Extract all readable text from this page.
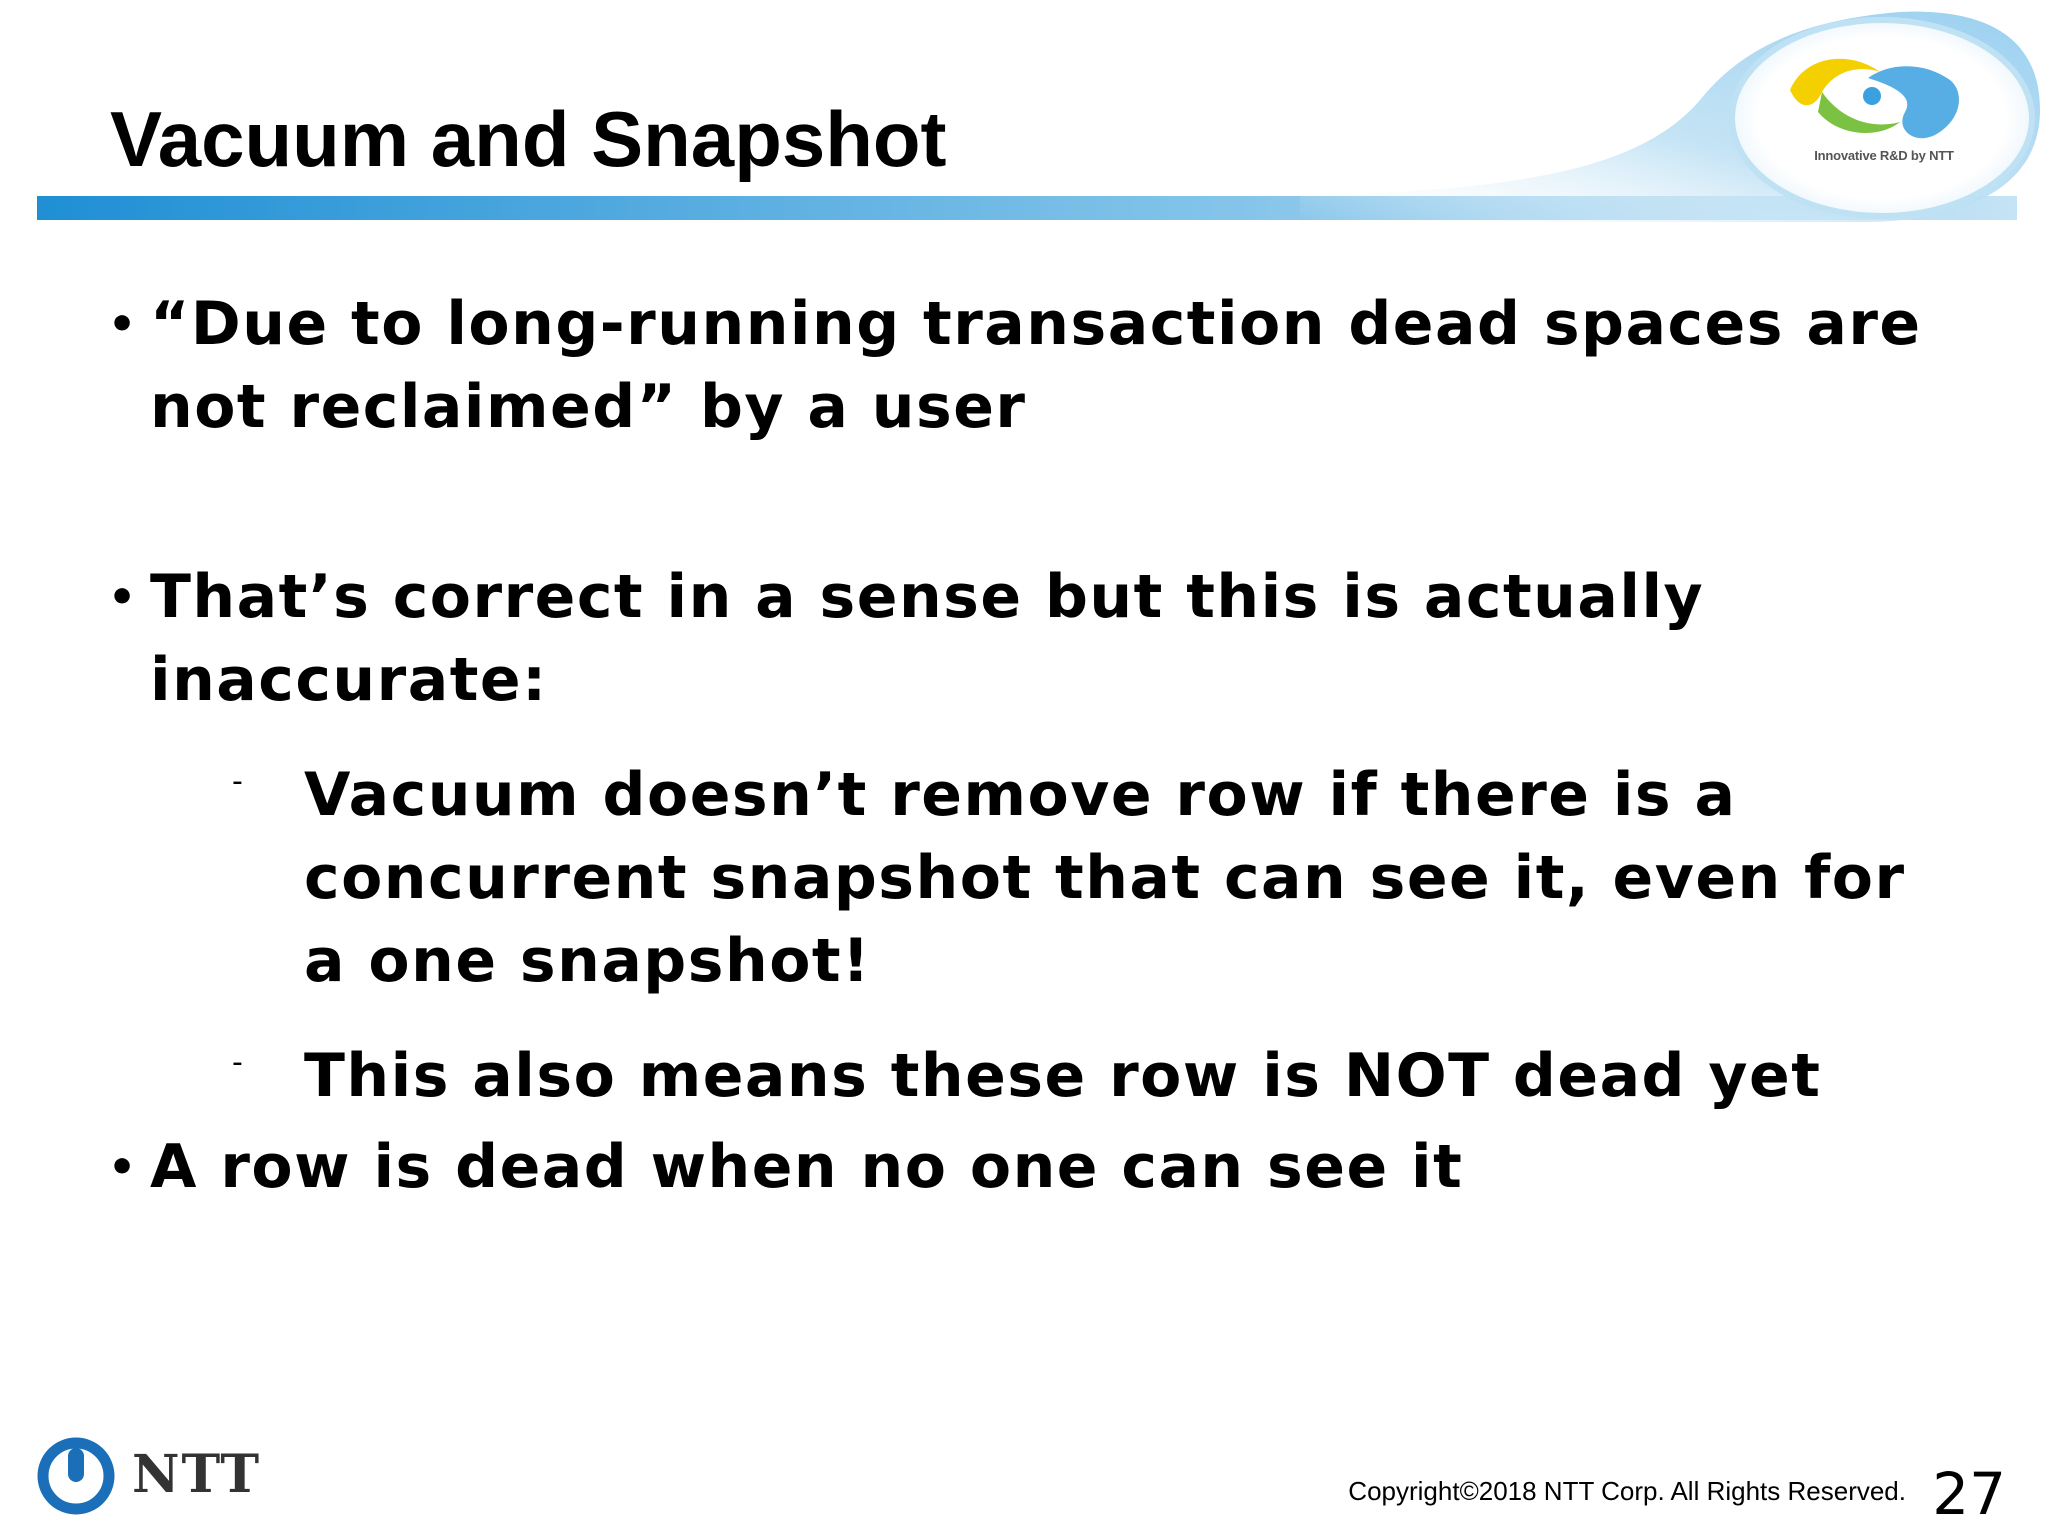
Vacuum and Snapshot	Innovative R&D by NTT
• “Due to long-running transaction dead spaces are not reclaimed” by a user
• That’s correct in a sense but this is actually inaccurate:
- Vacuum doesn’t remove row if there is a concurrent snapshot that can see it, even for a one snapshot!
- This also means these row is NOT dead yet
• A row is dead when no one can see it
NTT	Copyright©2018 NTT Corp. All Rights Reserved. 27
